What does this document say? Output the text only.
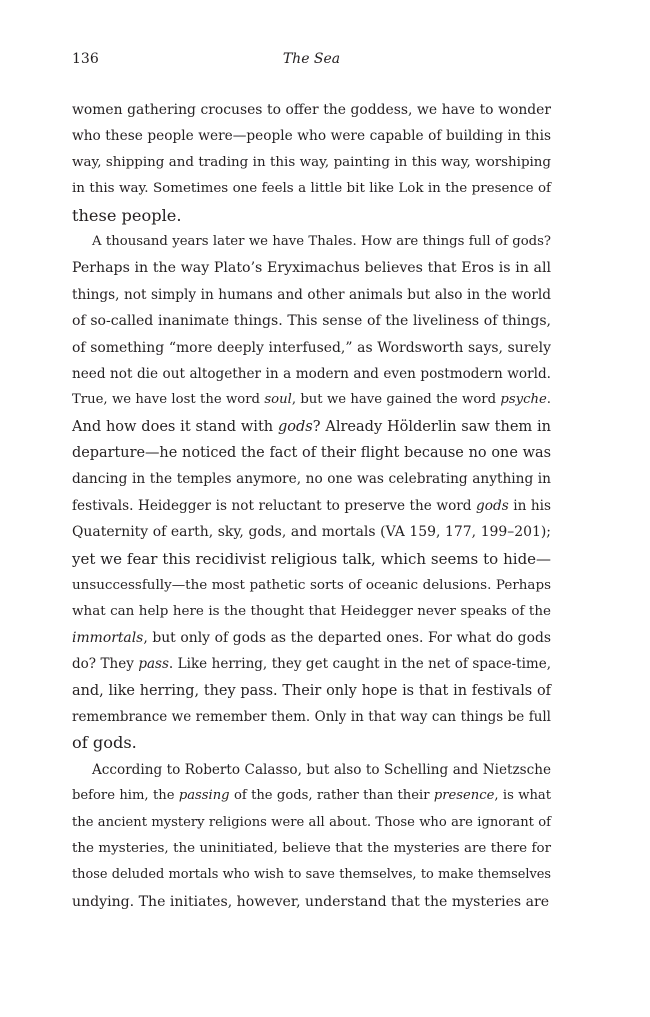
136	The Sea
women gathering crocuses to offer the goddess, we have to wonder
who these people were—people who were capable of building in this
way, shipping and trading in this way, painting in this way, worshiping
in this way. Sometimes one feels a little bit like Lok in the presence of
these people.
A thousand years later we have Thales. How are things full of gods?
Perhaps in the way Plato’s Eryximachus believes that Eros is in all
things, not simply in humans and other animals but also in the world
of so-called inanimate things. This sense of the liveliness of things,
of something “more deeply interfused,” as Wordsworth says, surely
need not die out altogether in a modern and even postmodern world.
True, we have lost the word soul, but we have gained the word psyche.
And how does it stand with gods? Already Hölderlin saw them in
departure—he noticed the fact of their flight because no one was
dancing in the temples anymore, no one was celebrating anything in
festivals. Heidegger is not reluctant to preserve the word gods in his
Quaternity of earth, sky, gods, and mortals (VA 159, 177, 199–201);
yet we fear this recidivist religious talk, which seems to hide—
unsuccessfully—the most pathetic sorts of oceanic delusions. Perhaps
what can help here is the thought that Heidegger never speaks of the
immortals, but only of gods as the departed ones. For what do gods
do? They pass. Like herring, they get caught in the net of space-time,
and, like herring, they pass. Their only hope is that in festivals of
remembrance we remember them. Only in that way can things be full
of gods.
According to Roberto Calasso, but also to Schelling and Nietzsche
before him, the passing of the gods, rather than their presence, is what
the ancient mystery religions were all about. Those who are ignorant of
the mysteries, the uninitiated, believe that the mysteries are there for
those deluded mortals who wish to save themselves, to make themselves
undying. The initiates, however, understand that the mysteries are
